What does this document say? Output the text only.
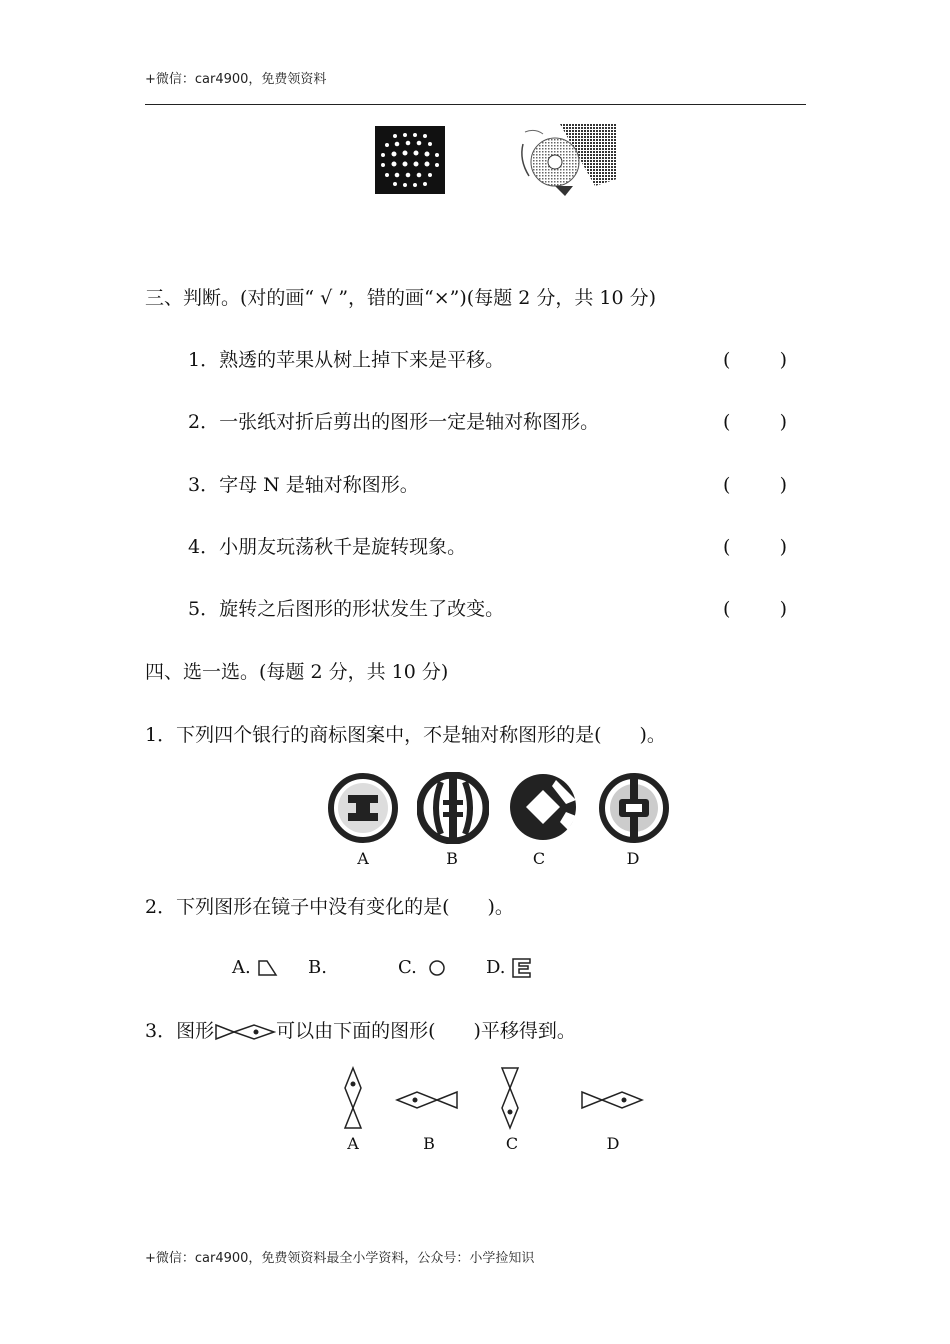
+微信：car4900，免费领资料
三、判断。(对的画“ √ ”，错的画“×”)(每题 2 分，共 10 分)
1．熟透的苹果从树上掉下来是平移。	(	)
2．一张纸对折后剪出的图形一定是轴对称图形。	(	)
3．字母 N 是轴对称图形。	(	)
4．小朋友玩荡秋千是旋转现象。	(	)
5．旋转之后图形的形状发生了改变。	(	)
四、选一选。(每题 2 分，共 10 分)
1．下列四个银行的商标图案中，不是轴对称图形的是(　　)。
A	B	C	D
2．下列图形在镜子中没有变化的是(　　)。
A.	B.	C.	D.
3．图形	可以由下面的图形(　　)平移得到。
A	B	C	D
+微信：car4900，免费领资料最全小学资料，公众号：小学捡知识
